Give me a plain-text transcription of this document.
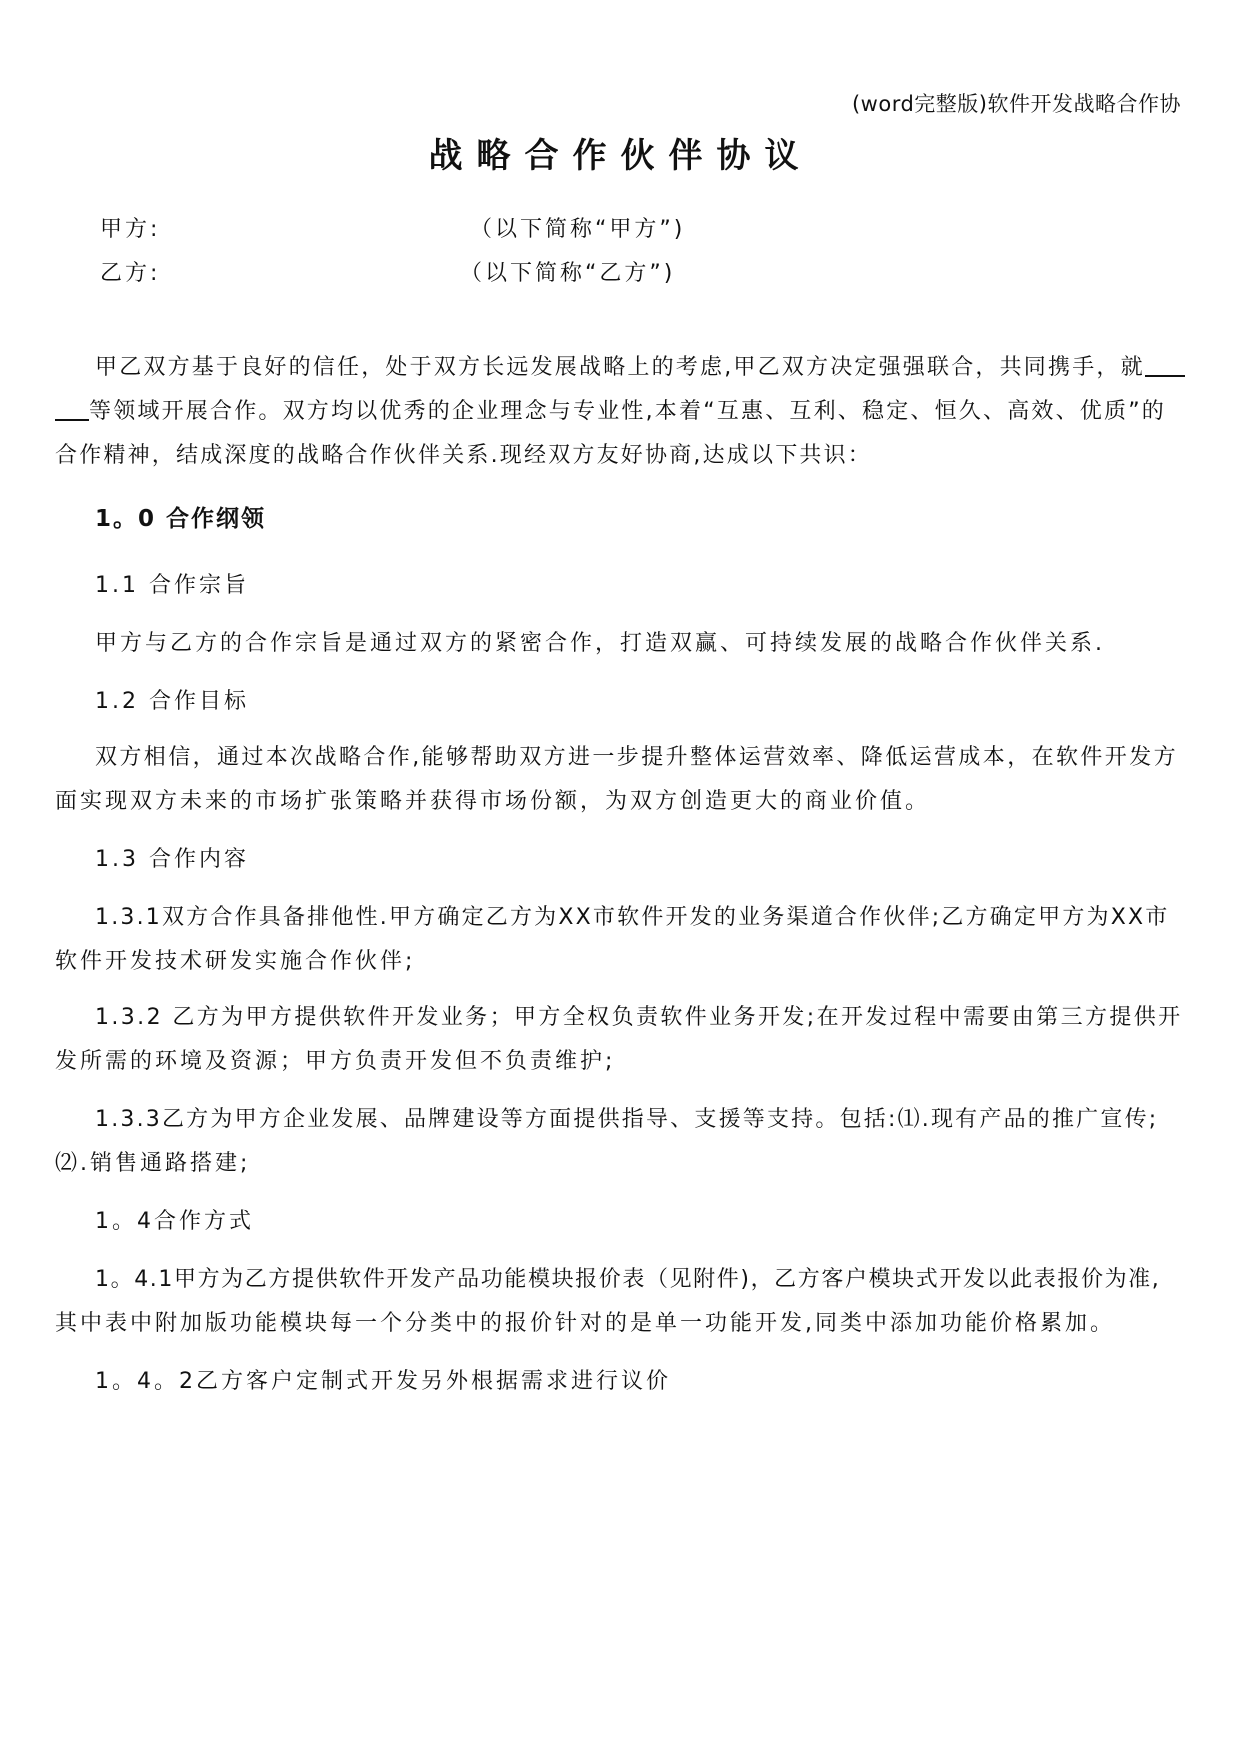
(word完整版)软件开发战略合作协
战略合作伙伴协议
甲方:	（以下简称“甲方”)
乙方:	（以下简称“乙方”)
甲乙双方基于良好的信任，处于双方长远发展战略上的考虑,甲乙双方决定强强联合，共同携手，就
等领域开展合作。双方均以优秀的企业理念与专业性,本着“互惠、互利、稳定、恒久、高效、优质”的
合作精神，结成深度的战略合作伙伴关系.现经双方友好协商,达成以下共识：
1。0 合作纲领
1.1 合作宗旨
甲方与乙方的合作宗旨是通过双方的紧密合作，打造双赢、可持续发展的战略合作伙伴关系.
1.2 合作目标
双方相信，通过本次战略合作,能够帮助双方进一步提升整体运营效率、降低运营成本，在软件开发方
面实现双方未来的市场扩张策略并获得市场份额，为双方创造更大的商业价值。
1.3 合作内容
1.3.1双方合作具备排他性.甲方确定乙方为XX市软件开发的业务渠道合作伙伴;乙方确定甲方为XX市
软件开发技术研发实施合作伙伴;
1.3.2 乙方为甲方提供软件开发业务；甲方全权负责软件业务开发;在开发过程中需要由第三方提供开
发所需的环境及资源；甲方负责开发但不负责维护;
1.3.3乙方为甲方企业发展、品牌建设等方面提供指导、支援等支持。包括:⑴.现有产品的推广宣传;
⑵.销售通路搭建;
1。4合作方式
1。4.1甲方为乙方提供软件开发产品功能模块报价表（见附件)，乙方客户模块式开发以此表报价为准,
其中表中附加版功能模块每一个分类中的报价针对的是单一功能开发,同类中添加功能价格累加。
1。4。2乙方客户定制式开发另外根据需求进行议价
